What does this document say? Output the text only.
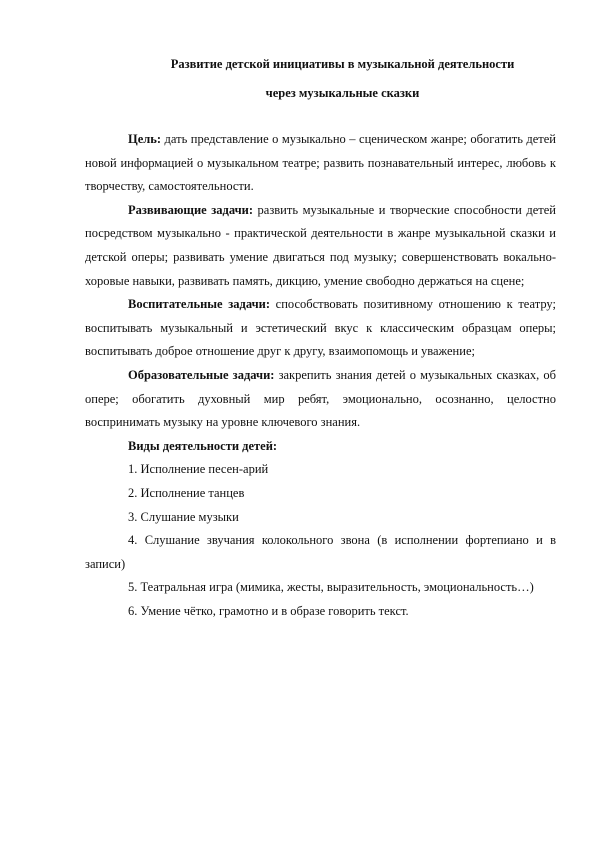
Развитие детской инициативы в музыкальной деятельности
через музыкальные сказки

Цель: дать представление о музыкально – сценическом жанре; обогатить детей новой информацией о музыкальном театре; развить познавательный интерес, любовь к творчеству, самостоятельности.

Развивающие задачи: развить музыкальные и творческие способности детей посредством музыкально - практической деятельности в жанре музыкальной сказки и детской оперы; развивать умение двигаться под музыку; совершенствовать вокально-хоровые навыки, развивать память, дикцию, умение свободно держаться на сцене;

Воспитательные задачи: способствовать позитивному отношению к театру; воспитывать музыкальный и эстетический вкус к классическим образцам оперы; воспитывать доброе отношение друг к другу, взаимопомощь и уважение;

Образовательные задачи: закрепить знания детей о музыкальных сказках, об опере; обогатить духовный мир ребят, эмоционально, осознанно, целостно воспринимать музыку на уровне ключевого знания.

Виды деятельности детей:

1. Исполнение песен-арий

2. Исполнение танцев

3. Слушание музыки

4. Слушание звучания колокольного звона (в исполнении фортепиано и в записи)

5. Театральная игра (мимика, жесты, выразительность, эмоциональность…)

6. Умение чётко, грамотно и в образе говорить текст.
